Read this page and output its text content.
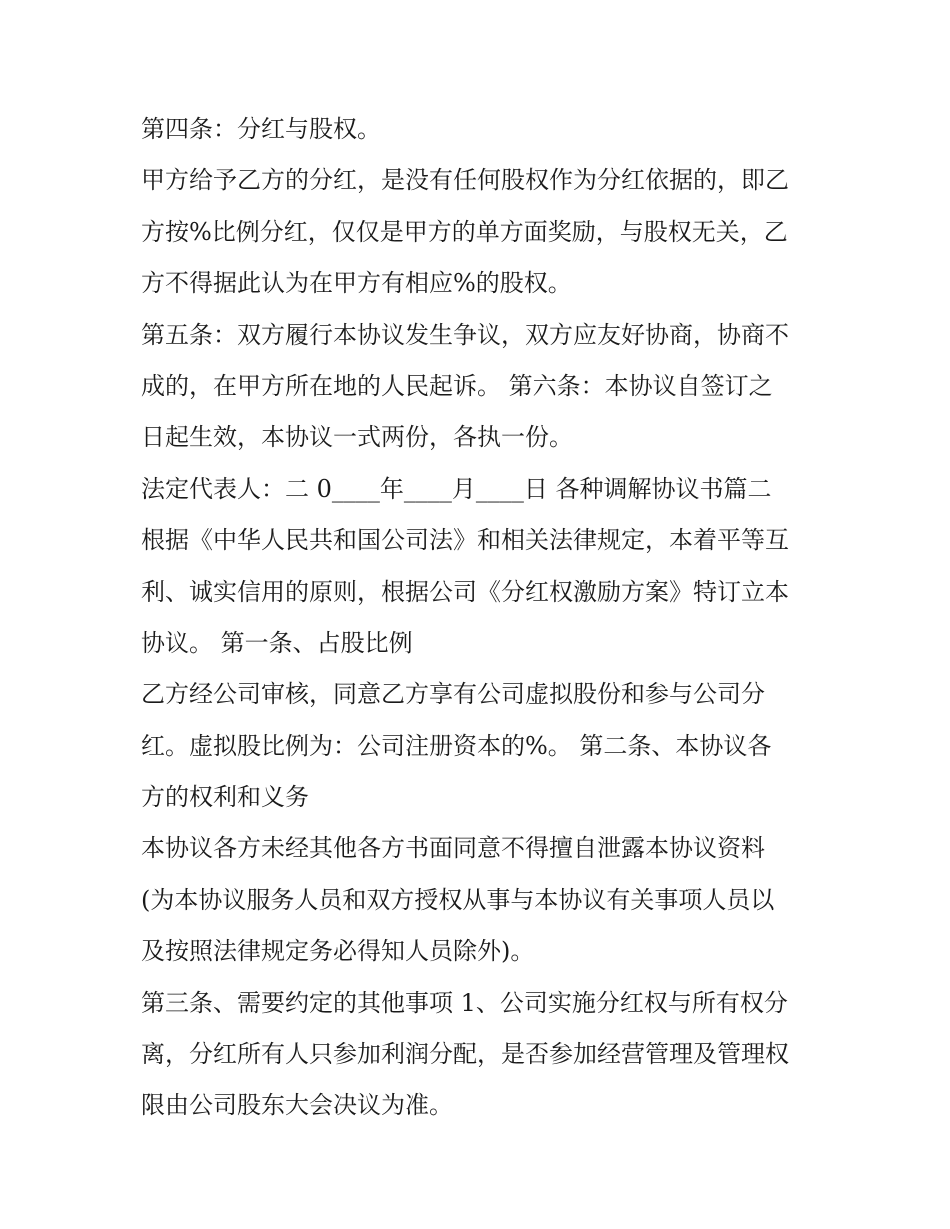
第四条：分红与股权。
甲方给予乙方的分红，是没有任何股权作为分红依据的，即乙
方按%比例分红，仅仅是甲方的单方面奖励，与股权无关，乙
方不得据此认为在甲方有相应%的股权。
第五条：双方履行本协议发生争议，双方应友好协商，协商不
成的，在甲方所在地的人民起诉。 第六条：本协议自签订之
日起生效，本协议一式两份，各执一份。
法定代表人：二 0____年____月____日 各种调解协议书篇二
根据《中华人民共和国公司法》和相关法律规定，本着平等互
利、诚实信用的原则，根据公司《分红权激励方案》特订立本
协议。 第一条、占股比例
乙方经公司审核，同意乙方享有公司虚拟股份和参与公司分
红。虚拟股比例为：公司注册资本的%。 第二条、本协议各
方的权利和义务
本协议各方未经其他各方书面同意不得擅自泄露本协议资料
(为本协议服务人员和双方授权从事与本协议有关事项人员以
及按照法律规定务必得知人员除外)。
第三条、需要约定的其他事项 1、公司实施分红权与所有权分
离，分红所有人只参加利润分配，是否参加经营管理及管理权
限由公司股东大会决议为准。
